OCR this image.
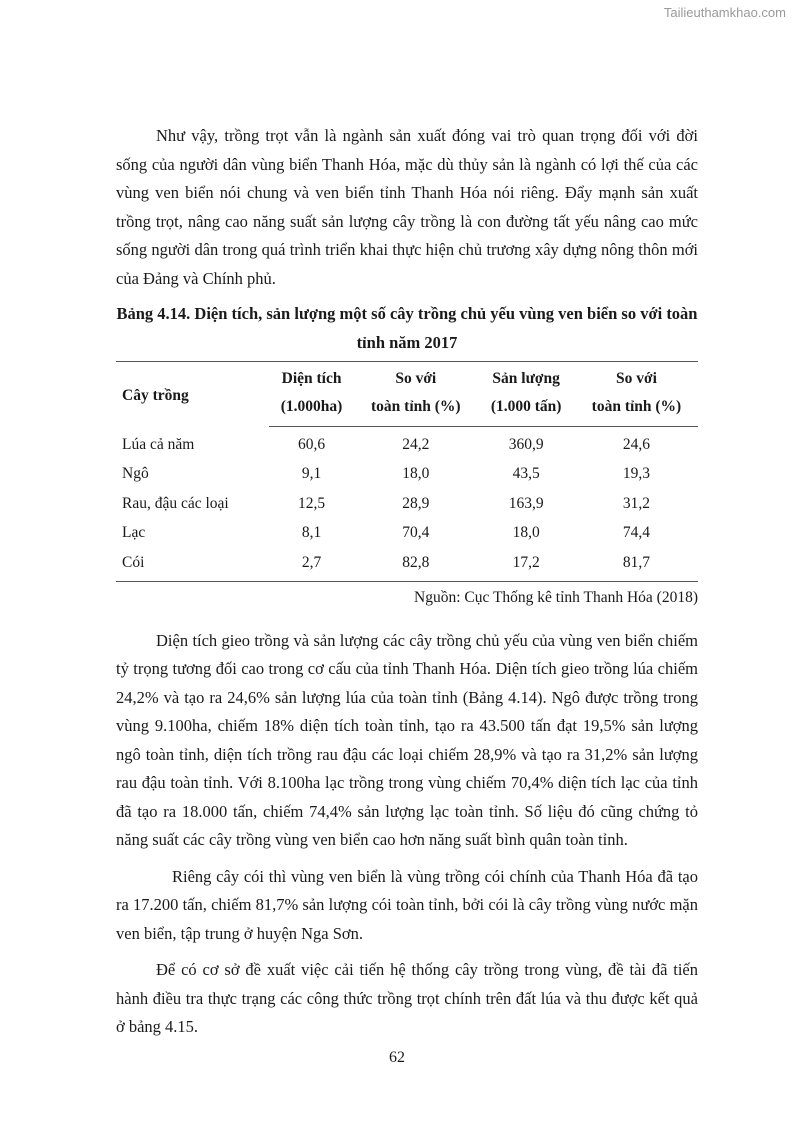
Tailieuthamkhao.com

Như vậy, trồng trọt vẫn là ngành sản xuất đóng vai trò quan trọng đối với đời sống của người dân vùng biển Thanh Hóa, mặc dù thủy sản là ngành có lợi thế của các vùng ven biển nói chung và ven biển tỉnh Thanh Hóa nói riêng. Đẩy mạnh sản xuất trồng trọt, nâng cao năng suất sản lượng cây trồng là con đường tất yếu nâng cao mức sống người dân trong quá trình triển khai thực hiện chủ trương xây dựng nông thôn mới của Đảng và Chính phủ.

Bảng 4.14. Diện tích, sản lượng một số cây trồng chủ yếu vùng ven biển so với toàn tỉnh năm 2017

Cây trồng	Diện tích	So với	Sản lượng	So với
	(1.000ha)	toàn tỉnh (%)	(1.000 tấn)	toàn tỉnh (%)
Lúa cả năm	60,6	24,2	360,9	24,6
Ngô	9,1	18,0	43,5	19,3
Rau, đậu các loại	12,5	28,9	163,9	31,2
Lạc	8,1	70,4	18,0	74,4
Cói	2,7	82,8	17,2	81,7
Nguồn: Cục Thống kê tỉnh Thanh Hóa (2018)

Diện tích gieo trồng và sản lượng các cây trồng chủ yếu của vùng ven biển chiếm tỷ trọng tương đối cao trong cơ cấu của tỉnh Thanh Hóa. Diện tích gieo trồng lúa chiếm 24,2% và tạo ra 24,6% sản lượng lúa của toàn tỉnh (Bảng 4.14). Ngô được trồng trong vùng 9.100ha, chiếm 18% diện tích toàn tỉnh, tạo ra 43.500 tấn đạt 19,5% sản lượng ngô toàn tỉnh, diện tích trồng rau đậu các loại chiếm 28,9% và tạo ra 31,2% sản lượng rau đậu toàn tỉnh. Với 8.100ha lạc trồng trong vùng chiếm 70,4% diện tích lạc của tỉnh đã tạo ra 18.000 tấn, chiếm 74,4% sản lượng lạc toàn tỉnh. Số liệu đó cũng chứng tỏ năng suất các cây trồng vùng ven biển cao hơn năng suất bình quân toàn tỉnh.

Riêng cây cói thì vùng ven biển là vùng trồng cói chính của Thanh Hóa đã tạo ra 17.200 tấn, chiếm 81,7% sản lượng cói toàn tỉnh, bởi cói là cây trồng vùng nước mặn ven biển, tập trung ở huyện Nga Sơn.

Để có cơ sở đề xuất việc cải tiến hệ thống cây trồng trong vùng, đề tài đã tiến hành điều tra thực trạng các công thức trồng trọt chính trên đất lúa và thu được kết quả ở bảng 4.15.

62
